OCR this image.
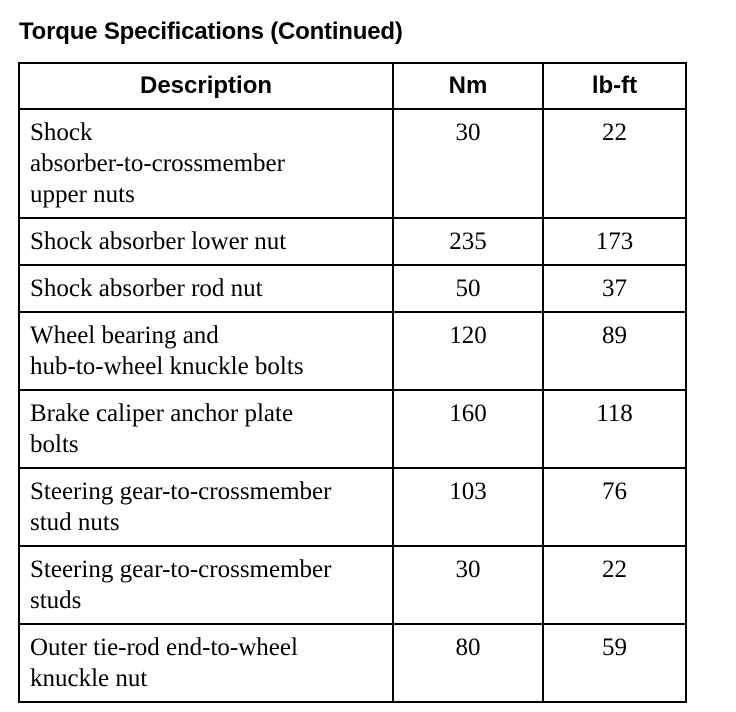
Torque Specifications (Continued)
Description	Nm	lb-ft

Shock
absorber-to-crossmember
upper nuts	30	22

Shock absorber lower nut	235	173

Shock absorber rod nut	50	37

Wheel bearing and
hub-to-wheel knuckle bolts	120	89

Brake caliper anchor plate
bolts	160	118

Steering gear-to-crossmember
stud nuts	103	76

Steering gear-to-crossmember
studs	30	22

Outer tie-rod end-to-wheel
knuckle nut	80	59
